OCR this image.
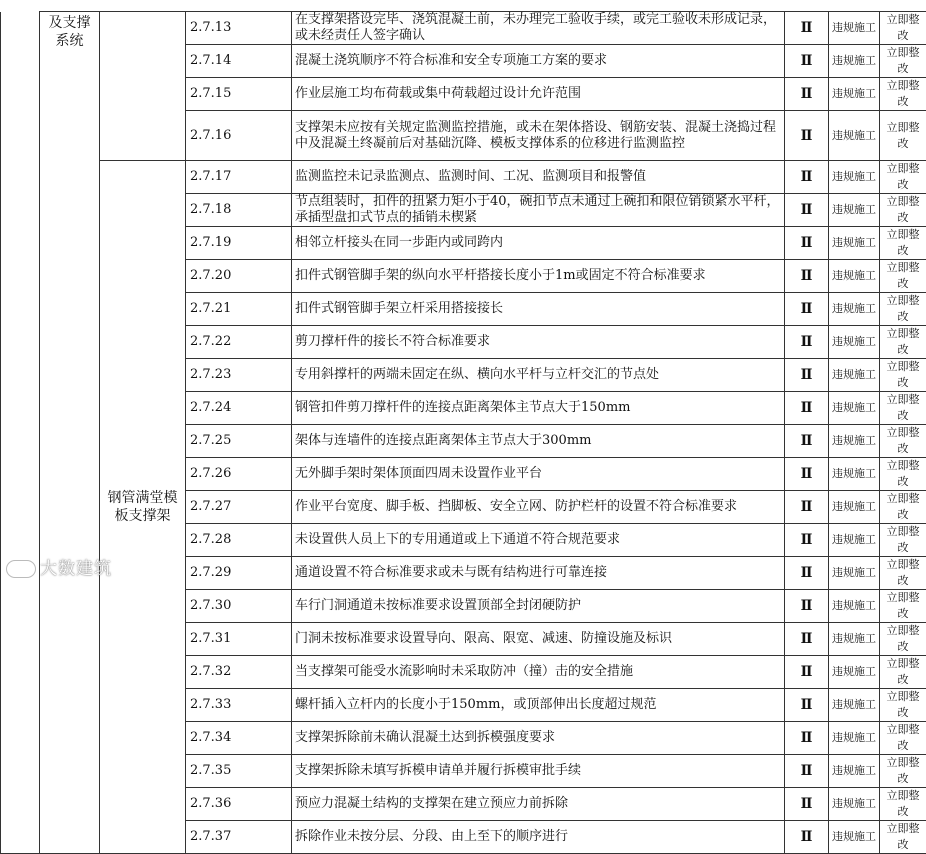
	及支撑系统		2.7.13	在支撑架搭设完毕、浇筑混凝土前，未办理完工验收手续，或完工验收未形成记录，或未经责任人签字确认	Ⅱ	违规施工	立即整改
			2.7.14	混凝土浇筑顺序不符合标准和安全专项施工方案的要求	Ⅱ	违规施工	立即整改
			2.7.15	作业层施工均布荷载或集中荷载超过设计允许范围	Ⅱ	违规施工	立即整改
			2.7.16	支撑架未应按有关规定监测监控措施，或未在架体搭设、钢筋安装、混凝土浇捣过程中及混凝土终凝前后对基础沉降、模板支撑体系的位移进行监测监控	Ⅱ	违规施工	立即整改
		钢管满堂模板支撑架	2.7.17	监测监控未记录监测点、监测时间、工况、监测项目和报警值	Ⅱ	违规施工	立即整改
			2.7.18	节点组装时，扣件的扭紧力矩小于40，碗扣节点未通过上碗扣和限位销锁紧水平杆，承插型盘扣式节点的插销未楔紧	Ⅱ	违规施工	立即整改
			2.7.19	相邻立杆接头在同一步距内或同跨内	Ⅱ	违规施工	立即整改
			2.7.20	扣件式钢管脚手架的纵向水平杆搭接长度小于1m或固定不符合标准要求	Ⅱ	违规施工	立即整改
			2.7.21	扣件式钢管脚手架立杆采用搭接接长	Ⅱ	违规施工	立即整改
			2.7.22	剪刀撑杆件的接长不符合标准要求	Ⅱ	违规施工	立即整改
			2.7.23	专用斜撑杆的两端未固定在纵、横向水平杆与立杆交汇的节点处	Ⅱ	违规施工	立即整改
			2.7.24	钢管扣件剪刀撑杆件的连接点距离架体主节点大于150mm	Ⅱ	违规施工	立即整改
			2.7.25	架体与连墙件的连接点距离架体主节点大于300mm	Ⅱ	违规施工	立即整改
			2.7.26	无外脚手架时架体顶面四周未设置作业平台	Ⅱ	违规施工	立即整改
			2.7.27	作业平台宽度、脚手板、挡脚板、安全立网、防护栏杆的设置不符合标准要求	Ⅱ	违规施工	立即整改
			2.7.28	未设置供人员上下的专用通道或上下通道不符合规范要求	Ⅱ	违规施工	立即整改
			2.7.29	通道设置不符合标准要求或未与既有结构进行可靠连接	Ⅱ	违规施工	立即整改
			2.7.30	车行门洞通道未按标准要求设置顶部全封闭硬防护	Ⅱ	违规施工	立即整改
			2.7.31	门洞未按标准要求设置导向、限高、限宽、减速、防撞设施及标识	Ⅱ	违规施工	立即整改
			2.7.32	当支撑架可能受水流影响时未采取防冲（撞）击的安全措施	Ⅱ	违规施工	立即整改
			2.7.33	螺杆插入立杆内的长度小于150mm，或顶部伸出长度超过规范	Ⅱ	违规施工	立即整改
			2.7.34	支撑架拆除前未确认混凝土达到拆模强度要求	Ⅱ	违规施工	立即整改
			2.7.35	支撑架拆除未填写拆模申请单并履行拆模审批手续	Ⅱ	违规施工	立即整改
			2.7.36	预应力混凝土结构的支撑架在建立预应力前拆除	Ⅱ	违规施工	立即整改
			2.7.37	拆除作业未按分层、分段、由上至下的顺序进行	Ⅱ	违规施工	立即整改
大数建筑
